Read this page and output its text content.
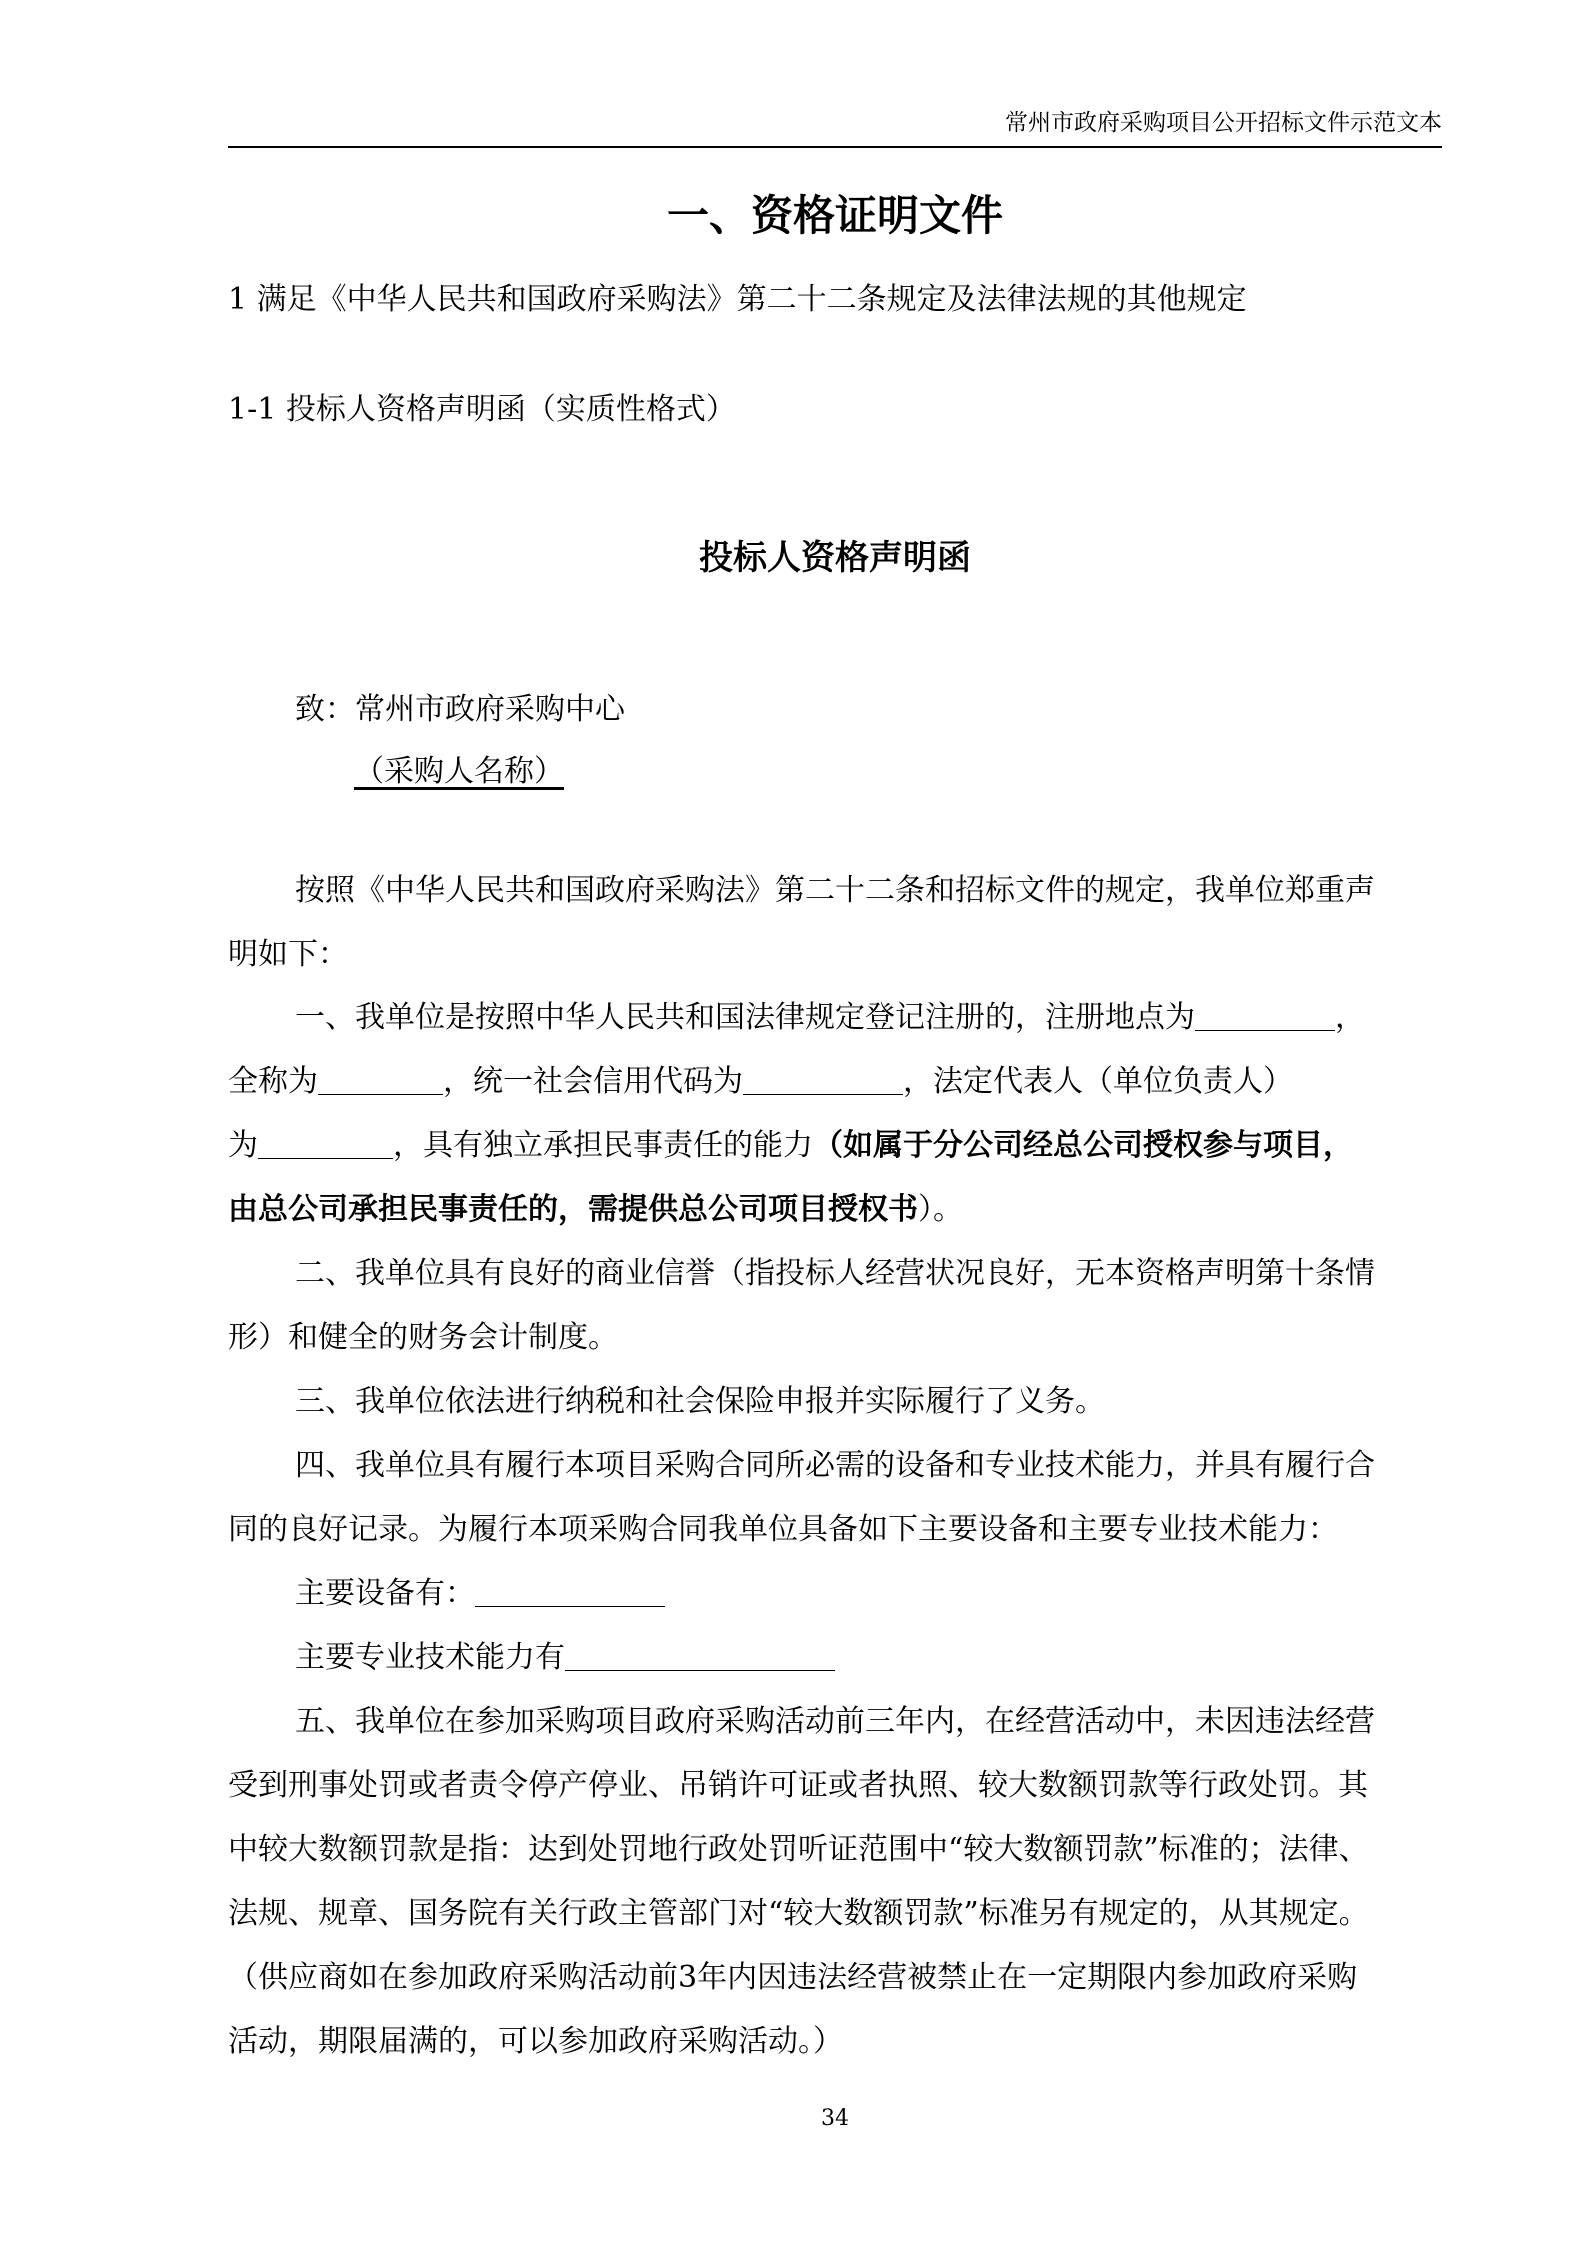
常州市政府采购项目公开招标文件示范文本
一、资格证明文件
1 满足《中华人民共和国政府采购法》第二十二条规定及法律法规的其他规定
1-1 投标人资格声明函（实质性格式）
投标人资格声明函
致：常州市政府采购中心
（采购人名称）
按照《中华人民共和国政府采购法》第二十二条和招标文件的规定，我单位郑重声
明如下：
一、我单位是按照中华人民共和国法律规定登记注册的，注册地点为	，
全称为	，统一社会信用代码为	，法定代表人（单位负责人）
为	，具有独立承担民事责任的能力（如属于分公司经总公司授权参与项目，
由总公司承担民事责任的，需提供总公司项目授权书）。
二、我单位具有良好的商业信誉（指投标人经营状况良好，无本资格声明第十条情
形）和健全的财务会计制度。
三、我单位依法进行纳税和社会保险申报并实际履行了义务。
四、我单位具有履行本项目采购合同所必需的设备和专业技术能力，并具有履行合
同的良好记录。为履行本项采购合同我单位具备如下主要设备和主要专业技术能力：
主要设备有：
主要专业技术能力有
五、我单位在参加采购项目政府采购活动前三年内，在经营活动中，未因违法经营
受到刑事处罚或者责令停产停业、吊销许可证或者执照、较大数额罚款等行政处罚。其
中较大数额罚款是指：达到处罚地行政处罚听证范围中“较大数额罚款”标准的；法律、
法规、规章、国务院有关行政主管部门对“较大数额罚款”标准另有规定的，从其规定。
（供应商如在参加政府采购活动前3年内因违法经营被禁止在一定期限内参加政府采购
活动，期限届满的，可以参加政府采购活动。）
34
